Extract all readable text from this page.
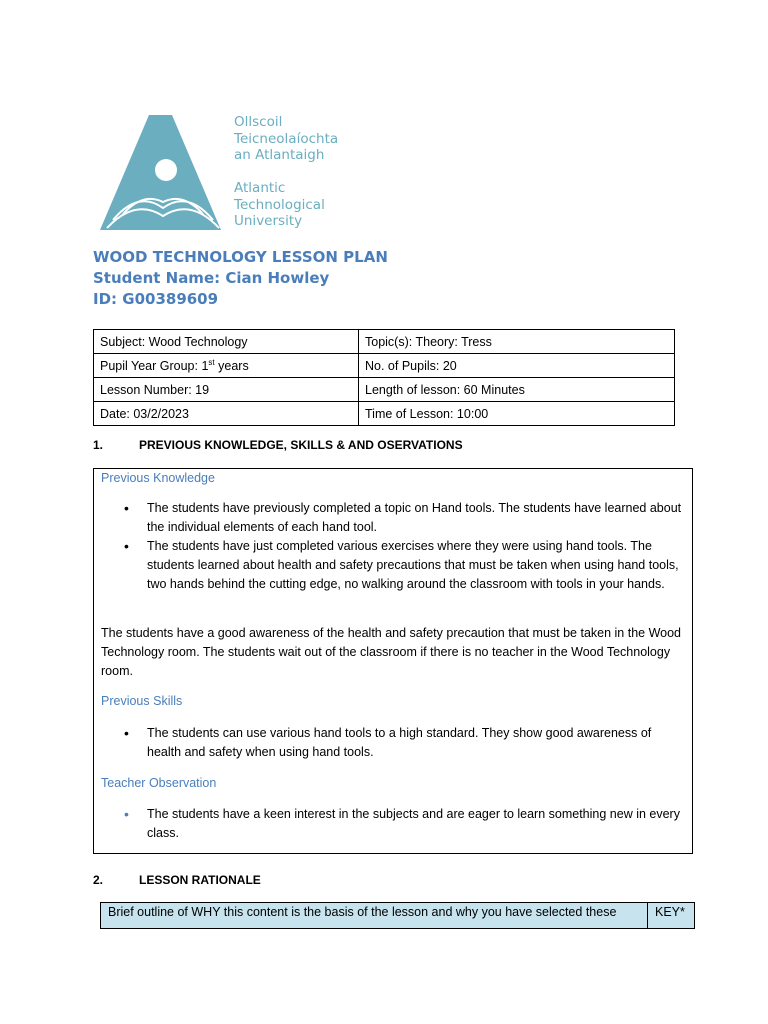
Ollscoil
Teicneolaíochta
an Atlantaigh
Atlantic
Technological
University
WOOD TECHNOLOGY LESSON PLAN
Student Name: Cian Howley
ID: G00389609
Subject: Wood Technology	Topic(s): Theory: Tress
Pupil Year Group: 1st years	No. of Pupils: 20
Lesson Number: 19	Length of lesson: 60 Minutes
Date: 03/2/2023	Time of Lesson: 10:00
1.	PREVIOUS KNOWLEDGE, SKILLS & AND OSERVATIONS
Previous Knowledge
• The students have previously completed a topic on Hand tools. The students have learned about the individual elements of each hand tool.
• The students have just completed various exercises where they were using hand tools. The students learned about health and safety precautions that must be taken when using hand tools, two hands behind the cutting edge, no walking around the classroom with tools in your hands.
The students have a good awareness of the health and safety precaution that must be taken in the Wood Technology room. The students wait out of the classroom if there is no teacher in the Wood Technology room.
Previous Skills
• The students can use various hand tools to a high standard. They show good awareness of health and safety when using hand tools.
Teacher Observation
• The students have a keen interest in the subjects and are eager to learn something new in every class.
2.	LESSON RATIONALE
Brief outline of WHY this content is the basis of the lesson and why you have selected these	KEY*
